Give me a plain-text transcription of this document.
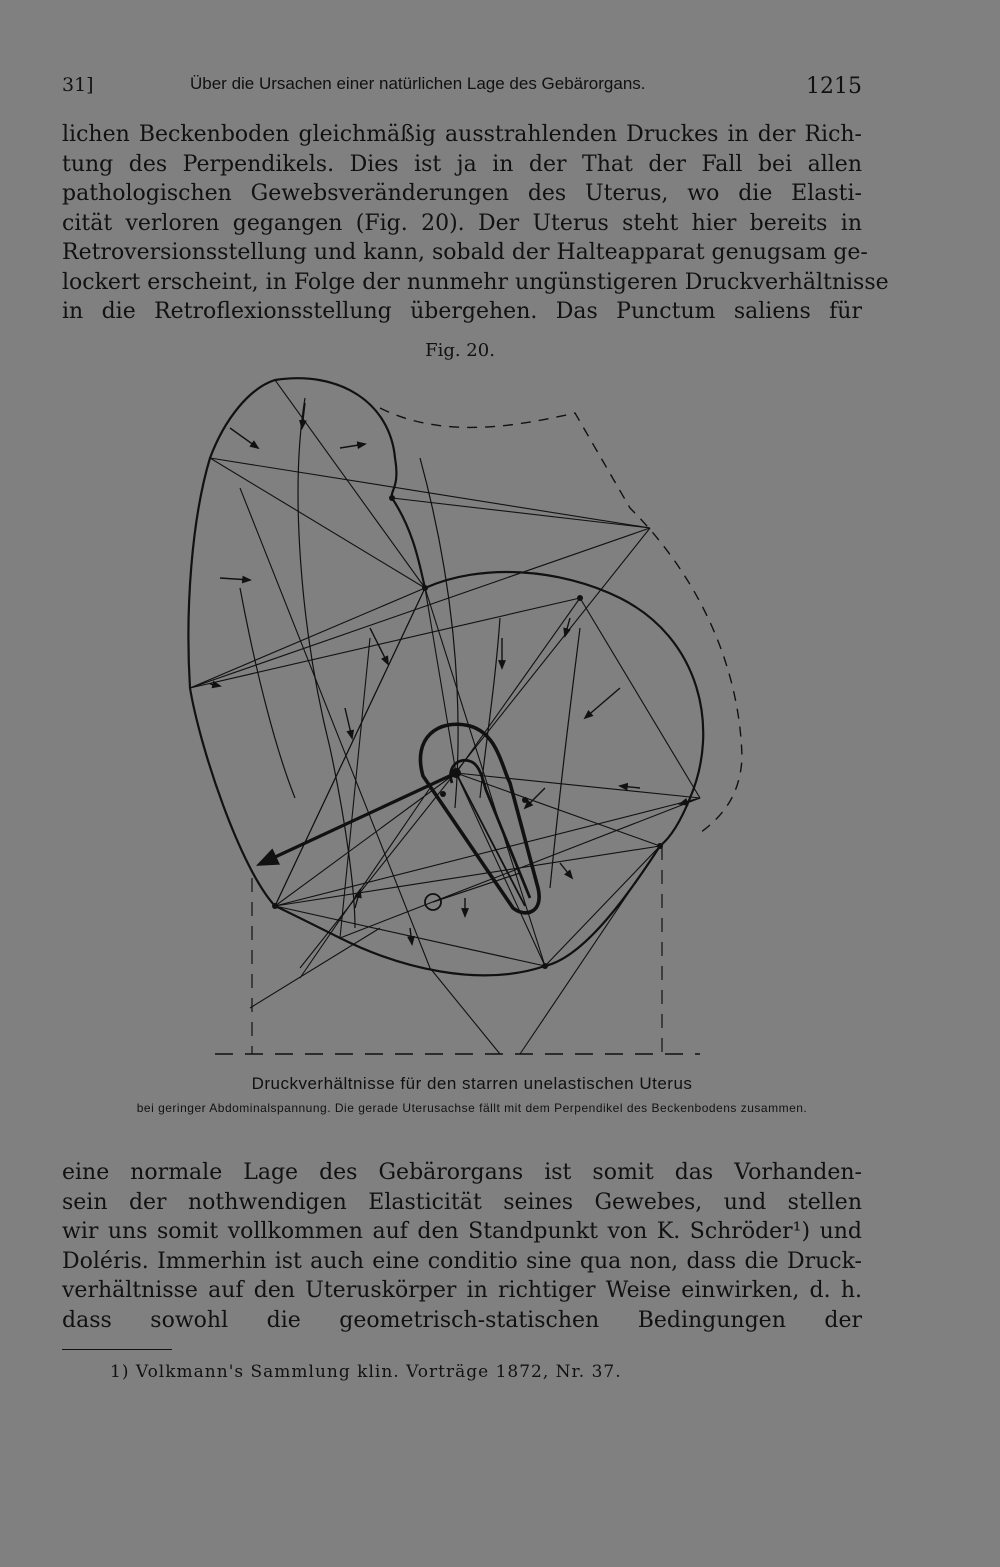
31]	Über die Ursachen einer natürlichen Lage des Gebärorgans.	1215
lichen Beckenboden gleichmäßig ausstrahlenden Druckes in der Rich-
tung des Perpendikels. Dies ist ja in der That der Fall bei allen
pathologischen Gewebsveränderungen des Uterus, wo die Elasti-
cität verloren gegangen (Fig. 20). Der Uterus steht hier bereits in
Retroversionsstellung und kann, sobald der Halteapparat genugsam ge-
lockert erscheint, in Folge der nunmehr ungünstigeren Druckverhältnisse
in die Retroflexionsstellung übergehen. Das Punctum saliens für
Fig. 20.
Druckverhältnisse für den starren unelastischen Uterus
bei geringer Abdominalspannung. Die gerade Uterusachse fällt mit dem Perpendikel des Beckenbodens zusammen.
eine normale Lage des Gebärorgans ist somit das Vorhanden-
sein der nothwendigen Elasticität seines Gewebes, und stellen
wir uns somit vollkommen auf den Standpunkt von K. Schröder¹) und
Doléris. Immerhin ist auch eine conditio sine qua non, dass die Druck-
verhältnisse auf den Uteruskörper in richtiger Weise einwirken, d. h.
dass sowohl die geometrisch-statischen Bedingungen der
1) Volkmann's Sammlung klin. Vorträge 1872, Nr. 37.
